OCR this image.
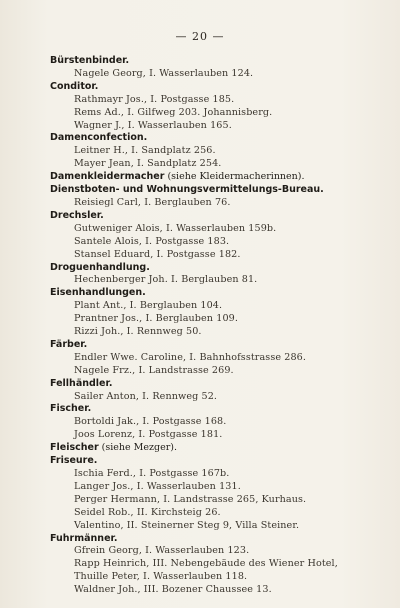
— 20 —
Bürstenbinder.
Nagele Georg, I. Wasserlauben 124.
Conditor.
Rathmayr Jos., I. Postgasse 185.
Rems Ad., I. Gilfweg 203. Johannisberg.
Wagner J., I. Wasserlauben 165.
Damenconfection.
Leitner H., I. Sandplatz 256.
Mayer Jean, I. Sandplatz 254.
Damenkleidermacher (siehe Kleidermacherinnen).
Dienstboten- und Wohnungsvermittelungs-Bureau.
Reisiegl Carl, I. Berglauben 76.
Drechsler.
Gutweniger Alois, I. Wasserlauben 159b.
Santele Alois, I. Postgasse 183.
Stansel Eduard, I. Postgasse 182.
Droguenhandlung.
Hechenberger Joh. I. Berglauben 81.
Eisenhandlungen.
Plant Ant., I. Berglauben 104.
Prantner Jos., I. Berglauben 109.
Rizzi Joh., I. Rennweg 50.
Färber.
Endler Wwe. Caroline, I. Bahnhofsstrasse 286.
Nagele Frz., I. Landstrasse 269.
Fellhändler.
Sailer Anton, I. Rennweg 52.
Fischer.
Bortoldi Jak., I. Postgasse 168.
Joos Lorenz, I. Postgasse 181.
Fleischer (siehe Mezger).
Friseure.
Ischia Ferd., I. Postgasse 167b.
Langer Jos., I. Wasserlauben 131.
Perger Hermann, I. Landstrasse 265, Kurhaus.
Seidel Rob., II. Kirchsteig 26.
Valentino, II. Steinerner Steg 9, Villa Steiner.
Fuhrmänner.
Gfrein Georg, I. Wasserlauben 123.
Rapp Heinrich, III. Nebengebäude des Wiener Hotel,
Thuille Peter, I. Wasserlauben 118.
Waldner Joh., III. Bozener Chaussee 13.
